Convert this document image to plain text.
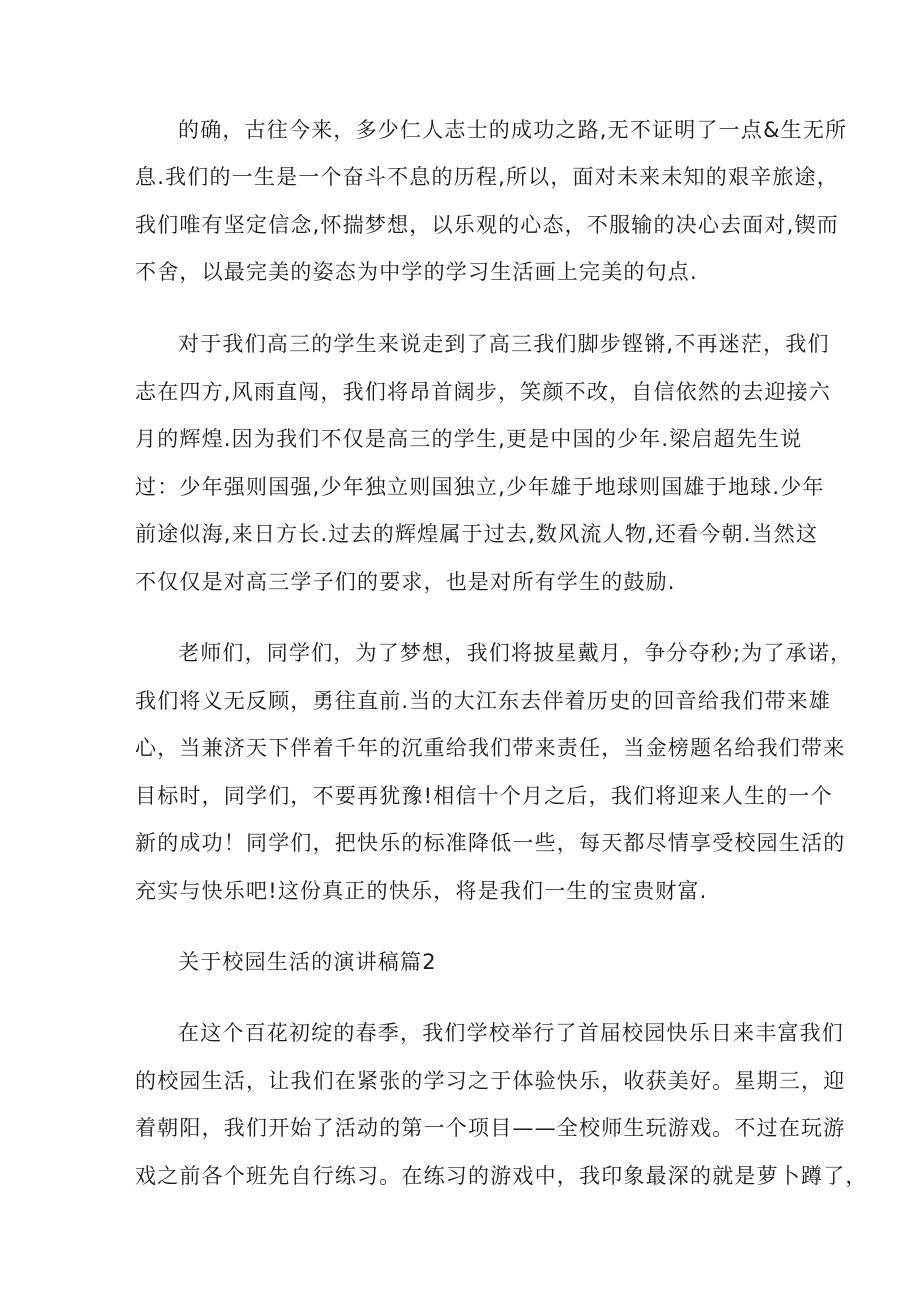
的确，古往今来，多少仁人志士的成功之路,无不证明了一点&生无所
息.我们的一生是一个奋斗不息的历程,所以，面对未来未知的艰辛旅途，
我们唯有坚定信念,怀揣梦想，以乐观的心态，不服输的决心去面对,锲而
不舍，以最完美的姿态为中学的学习生活画上完美的句点.
对于我们高三的学生来说走到了高三我们脚步铿锵,不再迷茫，我们
志在四方,风雨直闯，我们将昂首阔步，笑颜不改，自信依然的去迎接六
月的辉煌.因为我们不仅是高三的学生,更是中国的少年.梁启超先生说
过：少年强则国强,少年独立则国独立,少年雄于地球则国雄于地球.少年
前途似海,来日方长.过去的辉煌属于过去,数风流人物,还看今朝.当然这
不仅仅是对高三学子们的要求，也是对所有学生的鼓励.
老师们，同学们，为了梦想，我们将披星戴月，争分夺秒;为了承诺，
我们将义无反顾，勇往直前.当的大江东去伴着历史的回音给我们带来雄
心，当兼济天下伴着千年的沉重给我们带来责任，当金榜题名给我们带来
目标时，同学们，不要再犹豫!相信十个月之后，我们将迎来人生的一个
新的成功！同学们，把快乐的标准降低一些，每天都尽情享受校园生活的
充实与快乐吧!这份真正的快乐，将是我们一生的宝贵财富.
关于校园生活的演讲稿篇2
在这个百花初绽的春季，我们学校举行了首届校园快乐日来丰富我们
的校园生活，让我们在紧张的学习之于体验快乐，收获美好。星期三，迎
着朝阳，我们开始了活动的第一个项目——全校师生玩游戏。不过在玩游
戏之前各个班先自行练习。在练习的游戏中，我印象最深的就是萝卜蹲了，
